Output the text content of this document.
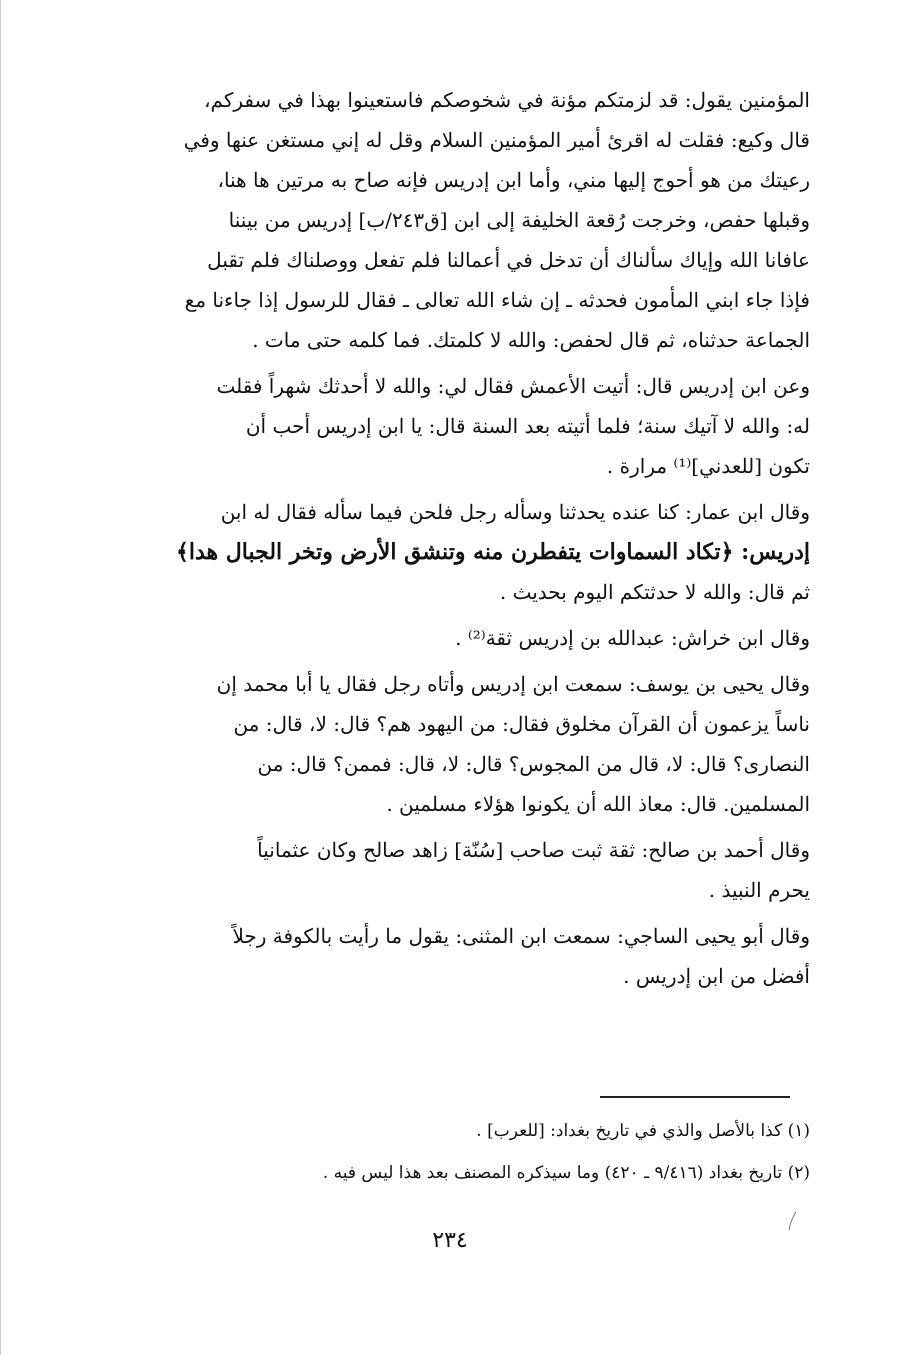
المؤمنين يقول: قد لزمتكم مؤنة في شخوصكم فاستعينوا بهذا في سفركم،
قال وكيع: فقلت له اقرئ أمير المؤمنين السلام وقل له إني مستغن عنها وفي
رعيتك من هو أحوج إليها مني، وأما ابن إدريس فإنه صاح به مرتين ها هنا،
وقبلها حفص، وخرجت رُقعة الخليفة إلى ابن [ق٢٤٣/ب] إدريس من بيننا
عافانا الله وإياك سألناك أن تدخل في أعمالنا فلم تفعل ووصلناك فلم تقبل
فإذا جاء ابني المأمون فحدثه ـ إن شاء الله تعالى ـ فقال للرسول إذا جاءنا مع
الجماعة حدثناه، ثم قال لحفص: والله لا كلمتك. فما كلمه حتى مات .
وعن ابن إدريس قال: أتيت الأعمش فقال لي: والله لا أحدثك شهراً فقلت
له: والله لا آتيك سنة؛ فلما أتيته بعد السنة قال: يا ابن إدريس أحب أن
تكون [للعدني]⁽¹⁾ مرارة .
وقال ابن عمار: كنا عنده يحدثنا وسأله رجل فلحن فيما سأله فقال له ابن
إدريس: ﴿تكاد السماوات يتفطرن منه وتنشق الأرض وتخر الجبال هدا﴾
ثم قال: والله لا حدثتكم اليوم بحديث .
وقال ابن خراش: عبدالله بن إدريس ثقة⁽²⁾ .
وقال يحيى بن يوسف: سمعت ابن إدريس وأتاه رجل فقال يا أبا محمد إن
ناساً يزعمون أن القرآن مخلوق فقال: من اليهود هم؟ قال: لا، قال: من
النصارى؟ قال: لا، قال من المجوس؟ قال: لا، قال: فممن؟ قال: من
المسلمين. قال: معاذ الله أن يكونوا هؤلاء مسلمين .
وقال أحمد بن صالح: ثقة ثبت صاحب [سُنّة] زاهد صالح وكان عثمانياً
يحرم النبيذ .
وقال أبو يحيى الساجي: سمعت ابن المثنى: يقول ما رأيت بالكوفة رجلاً
أفضل من ابن إدريس .
(١) كذا بالأصل والذي في تاريخ بغداد: [للعرب] .
(٢) تاريخ بغداد (٩/٤١٦ ـ ٤٢٠) وما سيذكره المصنف بعد هذا ليس فيه .
٢٣٤
